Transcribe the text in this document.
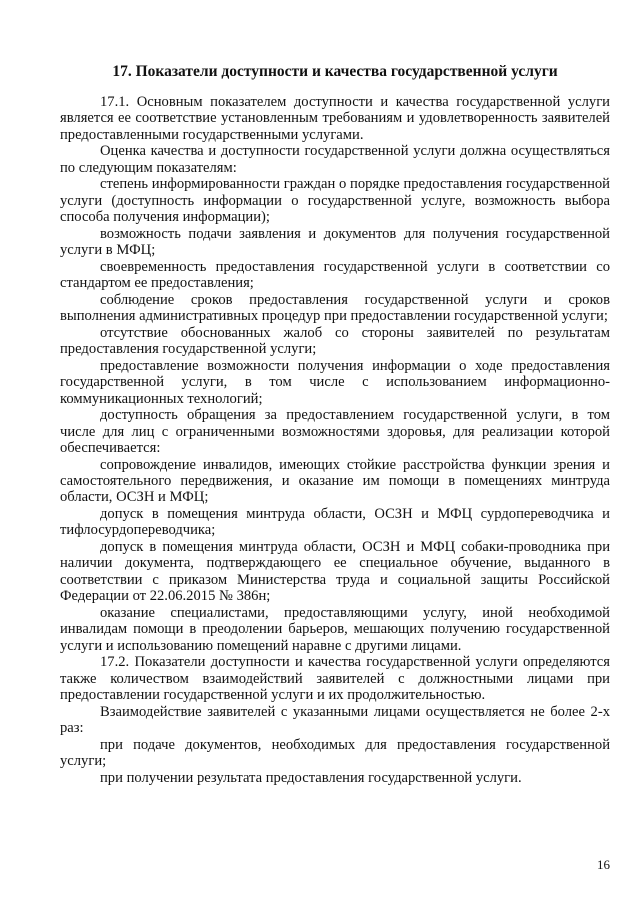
17. Показатели доступности и качества государственной услуги

17.1. Основным показателем доступности и качества государственной услуги является ее соответствие установленным требованиям и удовлетворенность заявителей предоставленными государственными услугами.

Оценка качества и доступности государственной услуги должна осуществляться по следующим показателям:

степень информированности граждан о порядке предоставления государственной услуги (доступность информации о государственной услуге, возможность выбора способа получения информации);

возможность подачи заявления и документов для получения государственной услуги в МФЦ;

своевременность предоставления государственной услуги в соответствии со стандартом ее предоставления;

соблюдение сроков предоставления государственной услуги и сроков выполнения административных процедур при предоставлении государственной услуги;

отсутствие обоснованных жалоб со стороны заявителей по результатам предоставления государственной услуги;

предоставление возможности получения информации о ходе предоставления государственной услуги, в том числе с использованием информационно-коммуникационных технологий;

доступность обращения за предоставлением государственной услуги, в том числе для лиц с ограниченными возможностями здоровья, для реализации которой обеспечивается:

сопровождение инвалидов, имеющих стойкие расстройства функции зрения и самостоятельного передвижения, и оказание им помощи в помещениях минтруда области, ОСЗН и МФЦ;

допуск в помещения минтруда области, ОСЗН и МФЦ сурдопереводчика и тифлосурдопереводчика;

допуск в помещения минтруда области, ОСЗН и МФЦ собаки-проводника при наличии документа, подтверждающего ее специальное обучение, выданного в соответствии с приказом Министерства труда и социальной защиты Российской Федерации от 22.06.2015 № 386н;

оказание специалистами, предоставляющими услугу, иной необходимой инвалидам помощи в преодолении барьеров, мешающих получению государственной услуги и использованию помещений наравне с другими лицами.

17.2. Показатели доступности и качества государственной услуги определяются также количеством взаимодействий заявителей с должностными лицами при предоставлении государственной услуги и их продолжительностью.

Взаимодействие заявителей с указанными лицами осуществляется не более 2-х раз:

при подаче документов, необходимых для предоставления государственной услуги;

при получении результата предоставления государственной услуги.

16
